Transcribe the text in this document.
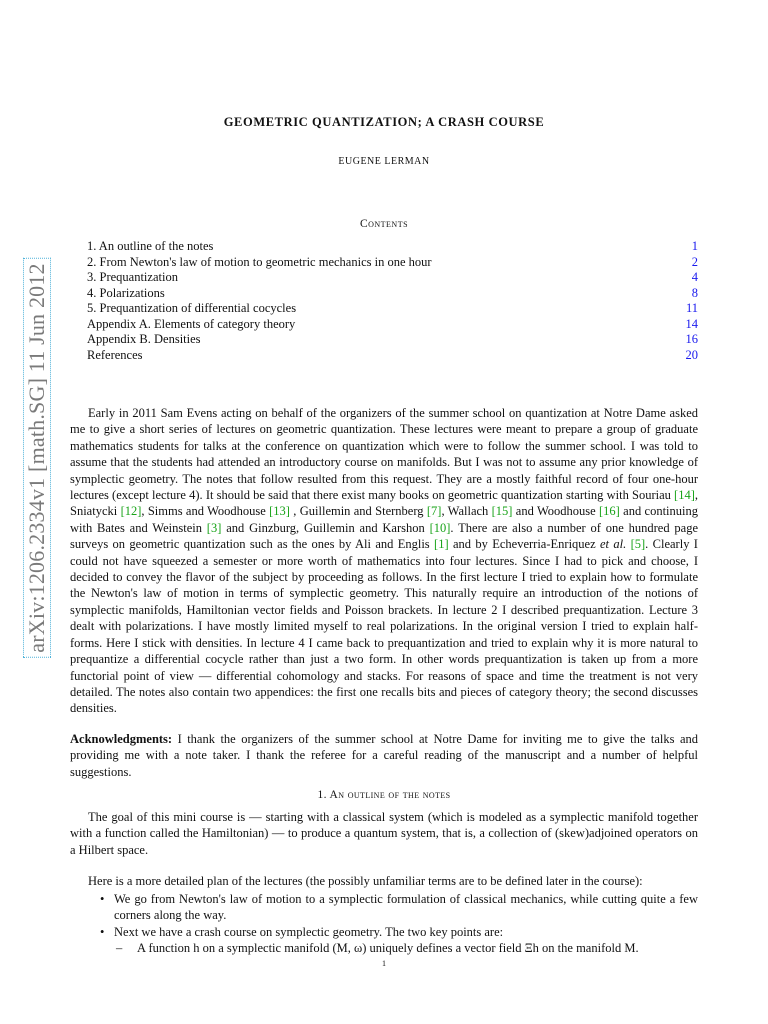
arXiv:1206.2334v1 [math.SG] 11 Jun 2012
GEOMETRIC QUANTIZATION; A CRASH COURSE
EUGENE LERMAN
Contents
1. An outline of the notes	1
2. From Newton's law of motion to geometric mechanics in one hour	2
3. Prequantization	4
4. Polarizations	8
5. Prequantization of differential cocycles	11
Appendix A. Elements of category theory	14
Appendix B. Densities	16
References	20
Early in 2011 Sam Evens acting on behalf of the organizers of the summer school on quantization at Notre Dame asked me to give a short series of lectures on geometric quantization. These lectures were meant to prepare a group of graduate mathematics students for talks at the conference on quantization which were to follow the summer school. I was told to assume that the students had attended an introductory course on manifolds. But I was not to assume any prior knowledge of symplectic geometry. The notes that follow resulted from this request. They are a mostly faithful record of four one-hour lectures (except lecture 4). It should be said that there exist many books on geometric quantization starting with Souriau [14], Sniatycki [12], Simms and Woodhouse [13] , Guillemin and Sternberg [7], Wallach [15] and Woodhouse [16] and continuing with Bates and Weinstein [3] and Ginzburg, Guillemin and Karshon [10]. There are also a number of one hundred page surveys on geometric quantization such as the ones by Ali and Englis [1] and by Echeverria-Enriquez et al. [5]. Clearly I could not have squeezed a semester or more worth of mathematics into four lectures. Since I had to pick and choose, I decided to convey the flavor of the subject by proceeding as follows. In the first lecture I tried to explain how to formulate the Newton's law of motion in terms of symplectic geometry. This naturally require an introduction of the notions of symplectic manifolds, Hamiltonian vector fields and Poisson brackets. In lecture 2 I described prequantization. Lecture 3 dealt with polarizations. I have mostly limited myself to real polarizations. In the original version I tried to explain half-forms. Here I stick with densities. In lecture 4 I came back to prequantization and tried to explain why it is more natural to prequantize a differential cocycle rather than just a two form. In other words prequantization is taken up from a more functorial point of view — differential cohomology and stacks. For reasons of space and time the treatment is not very detailed. The notes also contain two appendices: the first one recalls bits and pieces of category theory; the second discusses densities.
Acknowledgments: I thank the organizers of the summer school at Notre Dame for inviting me to give the talks and providing me with a note taker. I thank the referee for a careful reading of the manuscript and a number of helpful suggestions.
1. An outline of the notes
The goal of this mini course is — starting with a classical system (which is modeled as a symplectic manifold together with a function called the Hamiltonian) — to produce a quantum system, that is, a collection of (skew)adjoined operators on a Hilbert space.
Here is a more detailed plan of the lectures (the possibly unfamiliar terms are to be defined later in the course):
• We go from Newton's law of motion to a symplectic formulation of classical mechanics, while cutting quite a few corners along the way.
• Next we have a crash course on symplectic geometry. The two key points are:
– A function h on a symplectic manifold (M, ω) uniquely defines a vector field Ξh on the manifold M.
1
